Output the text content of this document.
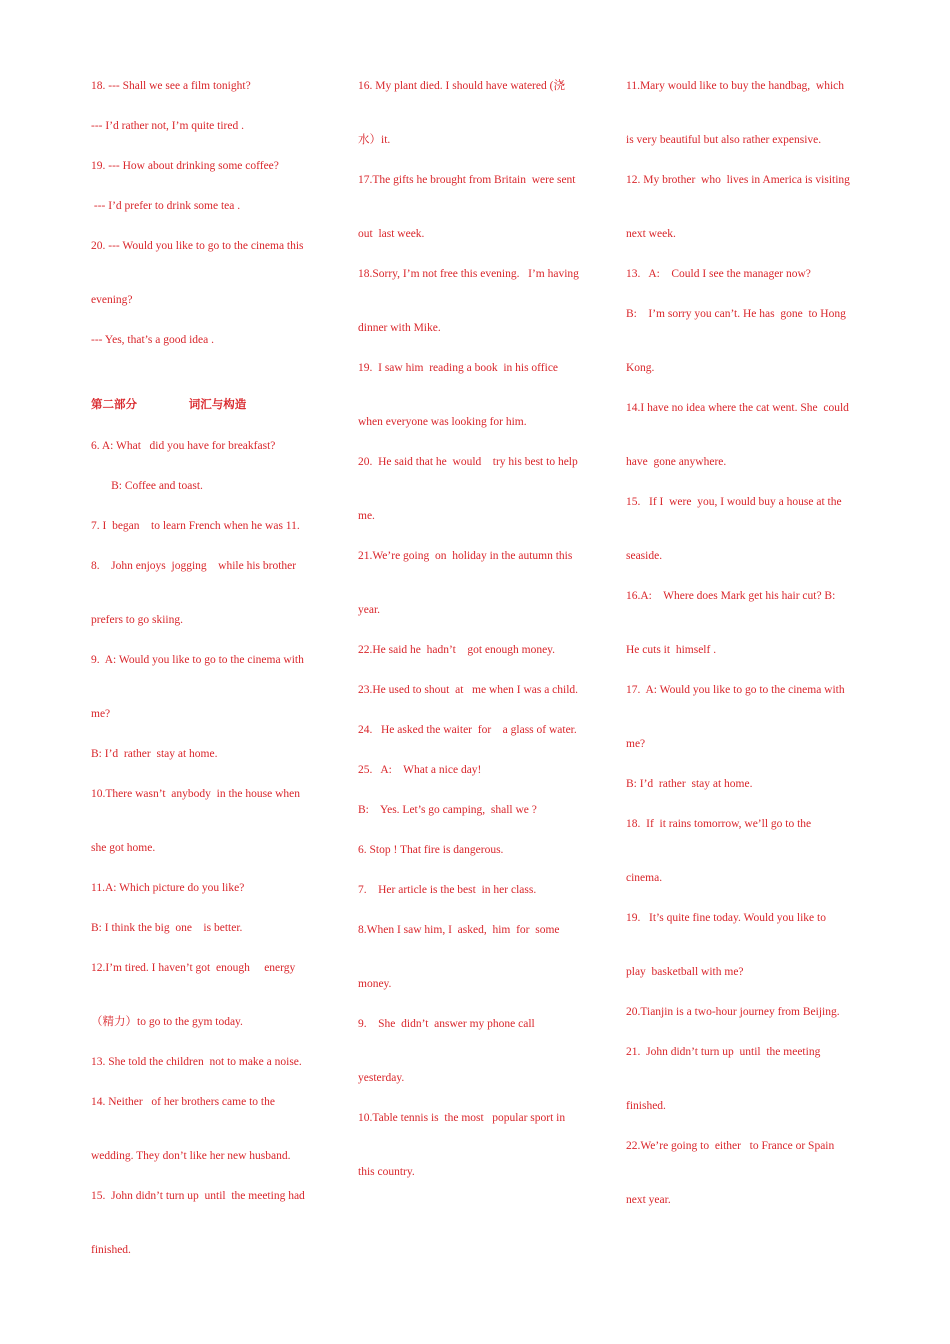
18. --- Shall we see a film tonight?
--- I’d rather not, I’m quite tired .
19. --- How about drinking some coffee?
--- I’d prefer to drink some tea .
20. --- Would you like to go to the cinema this
evening?
--- Yes, that’s a good idea .
第二部分                  词汇与构造
6. A: What   did you have for breakfast?
B: Coffee and toast.
7. I  began    to learn French when he was 11.
8.    John enjoys  jogging    while his brother
prefers to go skiing.
9.  A: Would you like to go to the cinema with
me?
B: I’d  rather  stay at home.
10.There wasn’t  anybody  in the house when
she got home.
11.A: Which picture do you like?
B: I think the big  one    is better.
12.I’m tired. I haven’t got  enough     energy
（精力）to go to the gym today.
13. She told the children  not to make a noise.
14. Neither   of her brothers came to the
wedding. They don’t like her new husband.
15.  John didn’t turn up  until  the meeting had
finished.
16. My plant died. I should have watered (浇
水）it.
17.The gifts he brought from Britain  were sent
out  last week.
18.Sorry, I’m not free this evening.   I’m having
dinner with Mike.
19.  I saw him  reading a book  in his office
when everyone was looking for him.
20.  He said that he  would    try his best to help
me.
21.We’re going  on  holiday in the autumn this
year.
22.He said he  hadn’t    got enough money.
23.He used to shout  at   me when I was a child.
24.   He asked the waiter  for    a glass of water.
25.   A:    What a nice day!
B:    Yes. Let’s go camping,  shall we ?
6. Stop ! That fire is dangerous.
7.    Her article is the best  in her class.
8.When I saw him, I  asked,  him  for  some
money.
9.    She  didn’t  answer my phone call
yesterday.
10.Table tennis is  the most   popular sport in
this country.
11.Mary would like to buy the handbag,  which
is very beautiful but also rather expensive.
12. My brother  who  lives in America is visiting
next week.
13.   A:    Could I see the manager now?
B:    I’m sorry you can’t. He has  gone  to Hong
Kong.
14.I have no idea where the cat went. She  could
have  gone anywhere.
15.   If I  were  you, I would buy a house at the
seaside.
16.A:    Where does Mark get his hair cut? B:
He cuts it  himself .
17.  A: Would you like to go to the cinema with
me?
B: I’d  rather  stay at home.
18.  If  it rains tomorrow, we’ll go to the
cinema.
19.   It’s quite fine today. Would you like to
play  basketball with me?
20.Tianjin is a two-hour journey from Beijing.
21.  John didn’t turn up  until  the meeting
finished.
22.We’re going to  either   to France or Spain
next year.
